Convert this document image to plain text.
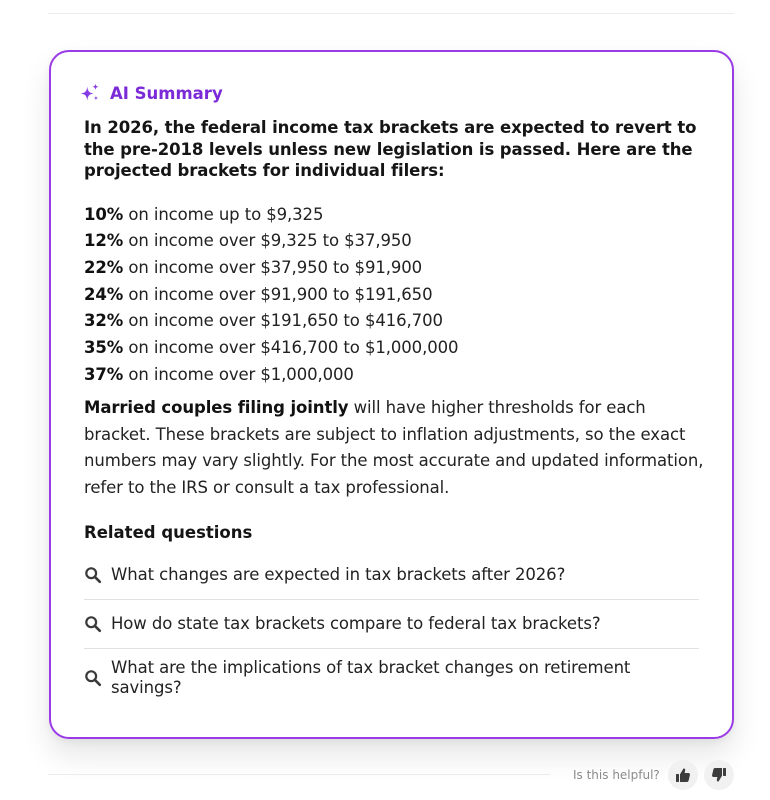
AI Summary

In 2026, the federal income tax brackets are expected to revert to the pre-2018 levels unless new legislation is passed. Here are the projected brackets for individual filers:

10% on income up to $9,325
12% on income over $9,325 to $37,950
22% on income over $37,950 to $91,900
24% on income over $91,900 to $191,650
32% on income over $191,650 to $416,700
35% on income over $416,700 to $1,000,000
37% on income over $1,000,000

Married couples filing jointly will have higher thresholds for each bracket. These brackets are subject to inflation adjustments, so the exact numbers may vary slightly. For the most accurate and updated information, refer to the IRS or consult a tax professional.

Related questions
What changes are expected in tax brackets after 2026?
How do state tax brackets compare to federal tax brackets?
What are the implications of tax bracket changes on retirement savings?
Is this helpful?
